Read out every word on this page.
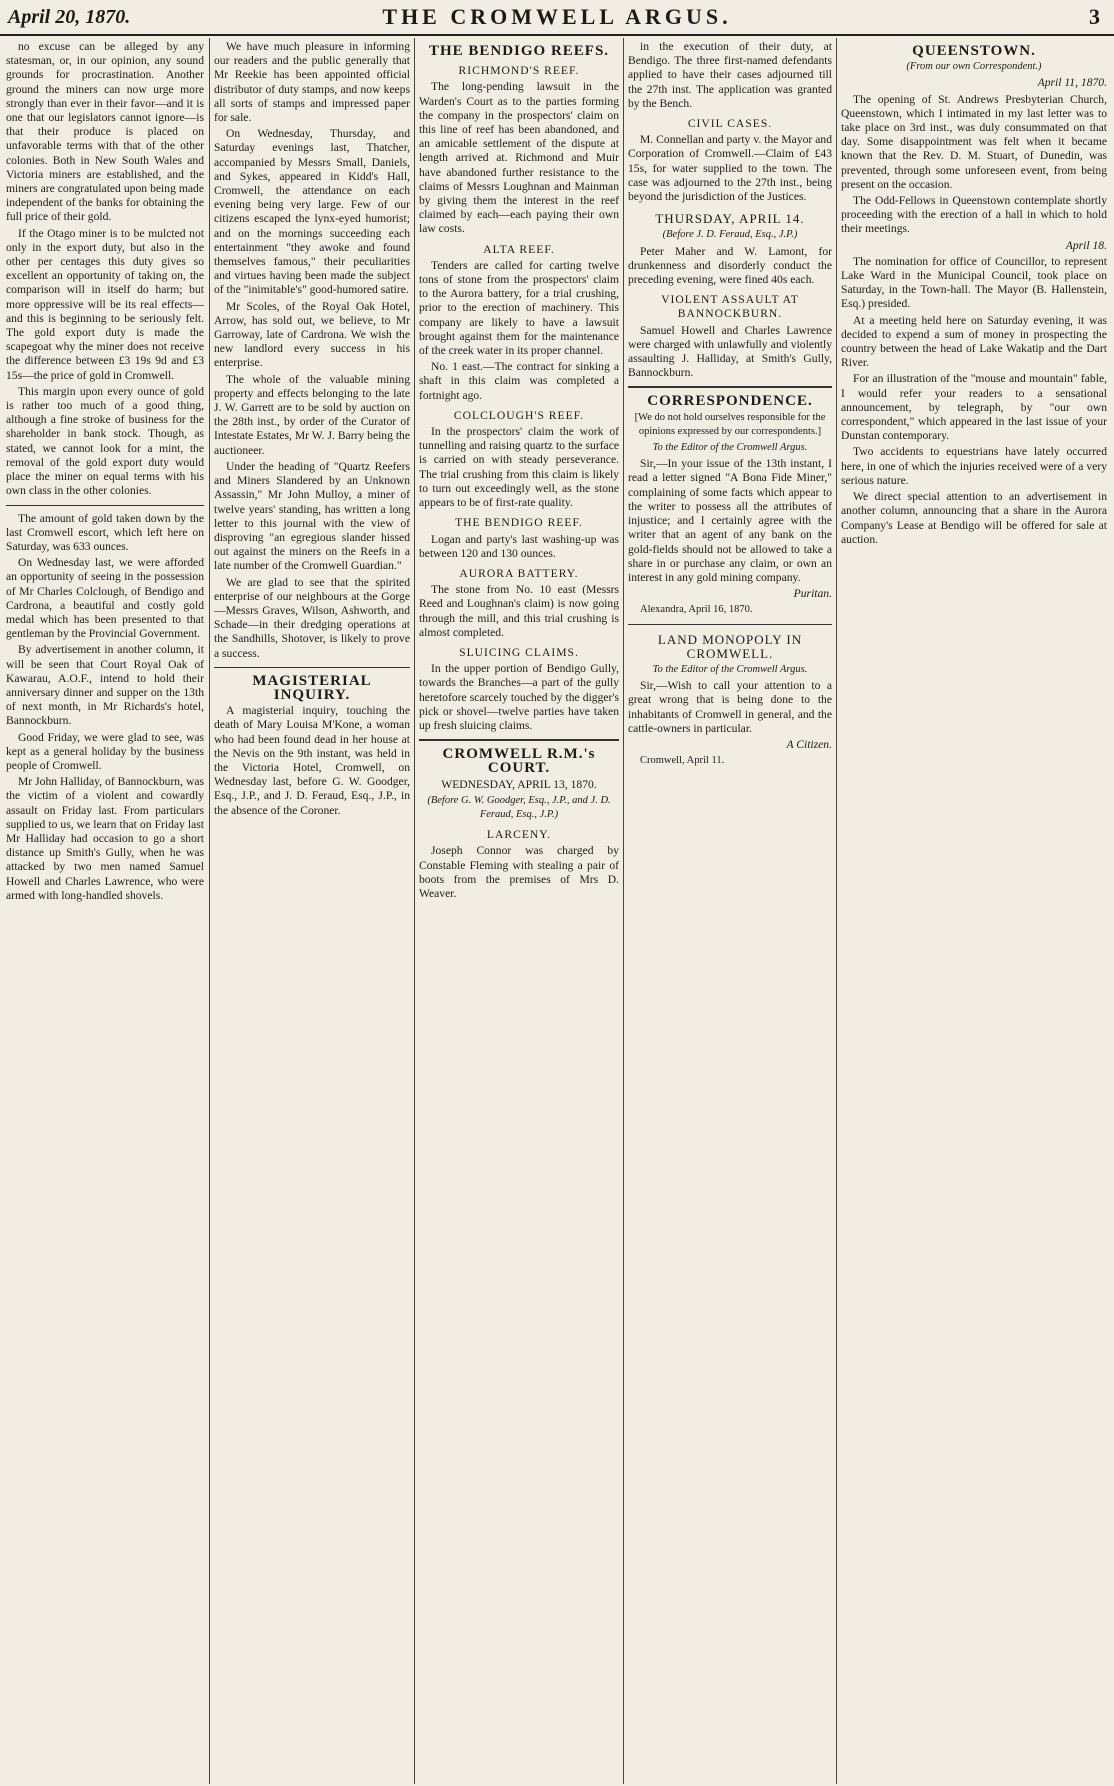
April 20, 1870.	THE CROMWELL ARGUS.	3

no excuse can be alleged by any statesman, or, in our opinion, any sound grounds for procrastination. Another ground the miners can now urge more strongly than ever in their favor—and it is one that our legislators cannot ignore—is that their produce is placed on unfavorable terms with that of the other colonies. Both in New South Wales and Victoria miners are established, and the miners are congratulated upon being made independent of the banks for obtaining the full price of their gold.

If the Otago miner is to be mulcted not only in the export duty, but also in the other per centages this duty gives so excellent an opportunity of taking on, the comparison will in itself do harm; but more oppressive will be its real effects—and this is beginning to be seriously felt. The gold export duty is made the scapegoat why the miner does not receive the difference between £3 19s 9d and £3 15s—the price of gold in Cromwell.

This margin upon every ounce of gold is rather too much of a good thing, although a fine stroke of business for the shareholder in bank stock. Though, as stated, we cannot look for a mint, the removal of the gold export duty would place the miner on equal terms with his own class in the other colonies.

The amount of gold taken down by the last Cromwell escort, which left here on Saturday, was 633 ounces.

On Wednesday last, we were afforded an opportunity of seeing in the possession of Mr Charles Colclough, of Bendigo and Cardrona, a beautiful and costly gold medal which has been presented to that gentleman by the Provincial Government.

By advertisement in another column, it will be seen that Court Royal Oak of Kawarau, A.O.F., intend to hold their anniversary dinner and supper on the 13th of next month, in Mr Richards's hotel, Bannockburn.

Good Friday, we were glad to see, was kept as a general holiday by the business people of Cromwell.

Mr John Halliday, of Bannockburn, was the victim of a violent and cowardly assault on Friday last. From particulars supplied to us, we learn that on Friday last Mr Halliday had occasion to go a short distance up Smith's Gully, when he was attacked by two men named Samuel Howell and Charles Lawrence, who were armed with long-handled shovels.

We have much pleasure in informing our readers and the public generally that Mr Reekie has been appointed official distributor of duty stamps, and now keeps all sorts of stamps and impressed paper for sale.

On Wednesday, Thursday, and Saturday evenings last, Thatcher, accompanied by Messrs Small, Daniels, and Sykes, appeared in Kidd's Hall, Cromwell, the attendance on each evening being very large. Few of our citizens escaped the lynx-eyed humorist; and on the mornings succeeding each entertainment "they awoke and found themselves famous," their peculiarities and virtues having been made the subject of the "inimitable's" good-humored satire.

Mr Scoles, of the Royal Oak Hotel, Arrow, has sold out, we believe, to Mr Garroway, late of Cardrona. We wish the new landlord every success in his enterprise.

The whole of the valuable mining property and effects belonging to the late J. W. Garrett are to be sold by auction on the 28th inst., by order of the Curator of Intestate Estates, Mr W. J. Barry being the auctioneer.

Under the heading of "Quartz Reefers and Miners Slandered by an Unknown Assassin," Mr John Mulloy, a miner of twelve years' standing, has written a long letter to this journal with the view of disproving "an egregious slander hissed out against the miners on the Reefs in a late number of the Cromwell Guardian."

We are glad to see that the spirited enterprise of our neighbours at the Gorge—Messrs Graves, Wilson, Ashworth, and Schade—in their dredging operations at the Sandhills, Shotover, is likely to prove a success.

MAGISTERIAL INQUIRY.

A magisterial inquiry, touching the death of Mary Louisa M'Kone, a woman who had been found dead in her house at the Nevis on the 9th instant, was held in the Victoria Hotel, Cromwell, on Wednesday last, before G. W. Goodger, Esq., J.P., and J. D. Feraud, Esq., J.P., in the absence of the Coroner.

THE BENDIGO REEFS.
RICHMOND'S REEF.

The long-pending lawsuit in the Warden's Court as to the parties forming the company in the prospectors' claim on this line of reef has been abandoned, and an amicable settlement of the dispute at length arrived at. Richmond and Muir have abandoned further resistance to the claims of Messrs Loughnan and Mainman by giving them the interest in the reef claimed by each—each paying their own law costs.

ALTA REEF.

Tenders are called for carting twelve tons of stone from the prospectors' claim to the Aurora battery, for a trial crushing, prior to the erection of machinery. This company are likely to have a lawsuit brought against them for the maintenance of the creek water in its proper channel.

No. 1 east.—The contract for sinking a shaft in this claim was completed a fortnight ago.

COLCLOUGH'S REEF.

In the prospectors' claim the work of tunnelling and raising quartz to the surface is carried on with steady perseverance. The trial crushing from this claim is likely to turn out exceedingly well, as the stone appears to be of first-rate quality.

THE BENDIGO REEF.

Logan and party's last washing-up was between 120 and 130 ounces.

AURORA BATTERY.

The stone from No. 10 east (Messrs Reed and Loughnan's claim) is now going through the mill, and this trial crushing is almost completed.

SLUICING CLAIMS.

In the upper portion of Bendigo Gully, towards the Branches—a part of the gully heretofore scarcely touched by the digger's pick or shovel—twelve parties have taken up fresh sluicing claims.

CROMWELL R.M.'s COURT.

WEDNESDAY, APRIL 13, 1870.

(Before G. W. Goodger, Esq., J.P., and J. D. Feraud, Esq., J.P.)

LARCENY.

Joseph Connor was charged by Constable Fleming with stealing a pair of boots from the premises of Mrs D. Weaver.

in the execution of their duty, at Bendigo. The three first-named defendants applied to have their cases adjourned till the 27th inst. The application was granted by the Bench.

CIVIL CASES.

M. Connellan and party v. the Mayor and Corporation of Cromwell.—Claim of £43 15s, for water supplied to the town. The case was adjourned to the 27th inst., being beyond the jurisdiction of the Justices.

THURSDAY, APRIL 14.

(Before J. D. Feraud, Esq., J.P.)

Peter Maher and W. Lamont, for drunkenness and disorderly conduct the preceding evening, were fined 40s each.

VIOLENT ASSAULT AT BANNOCKBURN.

Samuel Howell and Charles Lawrence were charged with unlawfully and violently assaulting J. Halliday, at Smith's Gully, Bannockburn.

CORRESPONDENCE.

[We do not hold ourselves responsible for the opinions expressed by our correspondents.]

To the Editor of the Cromwell Argus.

Sir,—In your issue of the 13th instant, I read a letter signed "A Bona Fide Miner," complaining of some facts which appear to the writer to possess all the attributes of injustice; and I certainly agree with the writer that an agent of any bank on the gold-fields should not be allowed to take a share in or purchase any claim, or own an interest in any gold mining company.

Puritan.

Alexandra, April 16, 1870.

LAND MONOPOLY IN CROMWELL.

To the Editor of the Cromwell Argus.

Sir,—Wish to call your attention to a great wrong that is being done to the inhabitants of Cromwell in general, and the cattle-owners in particular.

A Citizen.

Cromwell, April 11.

QUEENSTOWN.

(From our own Correspondent.)

April 11, 1870.

The opening of St. Andrews Presbyterian Church, Queenstown, which I intimated in my last letter was to take place on 3rd inst., was duly consummated on that day. Some disappointment was felt when it became known that the Rev. D. M. Stuart, of Dunedin, was prevented, through some unforeseen event, from being present on the occasion.

The Odd-Fellows in Queenstown contemplate shortly proceeding with the erection of a hall in which to hold their meetings.

April 18.

The nomination for office of Councillor, to represent Lake Ward in the Municipal Council, took place on Saturday, in the Town-hall. The Mayor (B. Hallenstein, Esq.) presided.

At a meeting held here on Saturday evening, it was decided to expend a sum of money in prospecting the country between the head of Lake Wakatip and the Dart River.

For an illustration of the "mouse and mountain" fable, I would refer your readers to a sensational announcement, by telegraph, by "our own correspondent," which appeared in the last issue of your Dunstan contemporary.

Two accidents to equestrians have lately occurred here, in one of which the injuries received were of a very serious nature.

We direct special attention to an advertisement in another column, announcing that a share in the Aurora Company's Lease at Bendigo will be offered for sale at auction.
